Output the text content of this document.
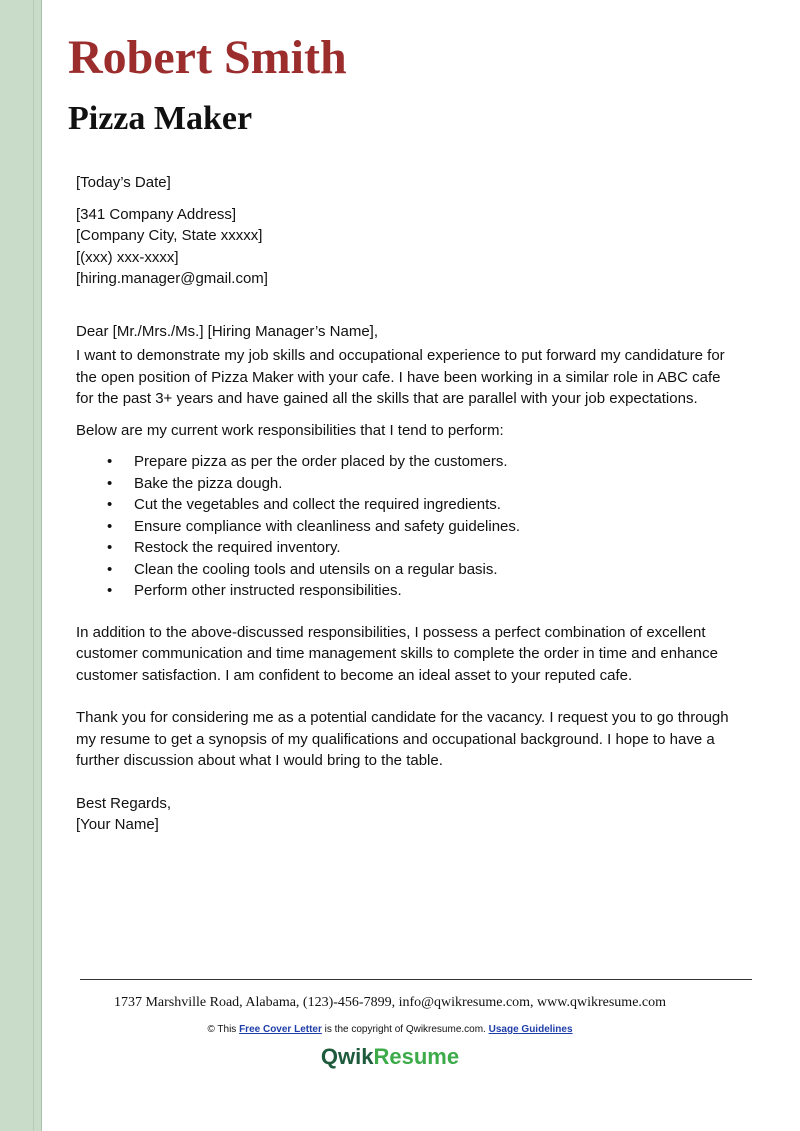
Robert Smith
Pizza Maker

[Today’s Date]

[341 Company Address]
[Company City, State xxxxx]
[(xxx) xxx-xxxx]
[hiring.manager@gmail.com]

Dear [Mr./Mrs./Ms.] [Hiring Manager’s Name],

I want to demonstrate my job skills and occupational experience to put forward my candidature for the open position of Pizza Maker with your cafe. I have been working in a similar role in ABC cafe for the past 3+ years and have gained all the skills that are parallel with your job expectations.

Below are my current work responsibilities that I tend to perform:

• Prepare pizza as per the order placed by the customers.
• Bake the pizza dough.
• Cut the vegetables and collect the required ingredients.
• Ensure compliance with cleanliness and safety guidelines.
• Restock the required inventory.
• Clean the cooling tools and utensils on a regular basis.
• Perform other instructed responsibilities.

In addition to the above-discussed responsibilities, I possess a perfect combination of excellent customer communication and time management skills to complete the order in time and enhance customer satisfaction. I am confident to become an ideal asset to your reputed cafe.

Thank you for considering me as a potential candidate for the vacancy. I request you to go through my resume to get a synopsis of my qualifications and occupational background. I hope to have a further discussion about what I would bring to the table.

Best Regards,
[Your Name]

1737 Marshville Road, Alabama, (123)-456-7899, info@qwikresume.com, www.qwikresume.com
© This Free Cover Letter is the copyright of Qwikresume.com. Usage Guidelines
QwikResume
